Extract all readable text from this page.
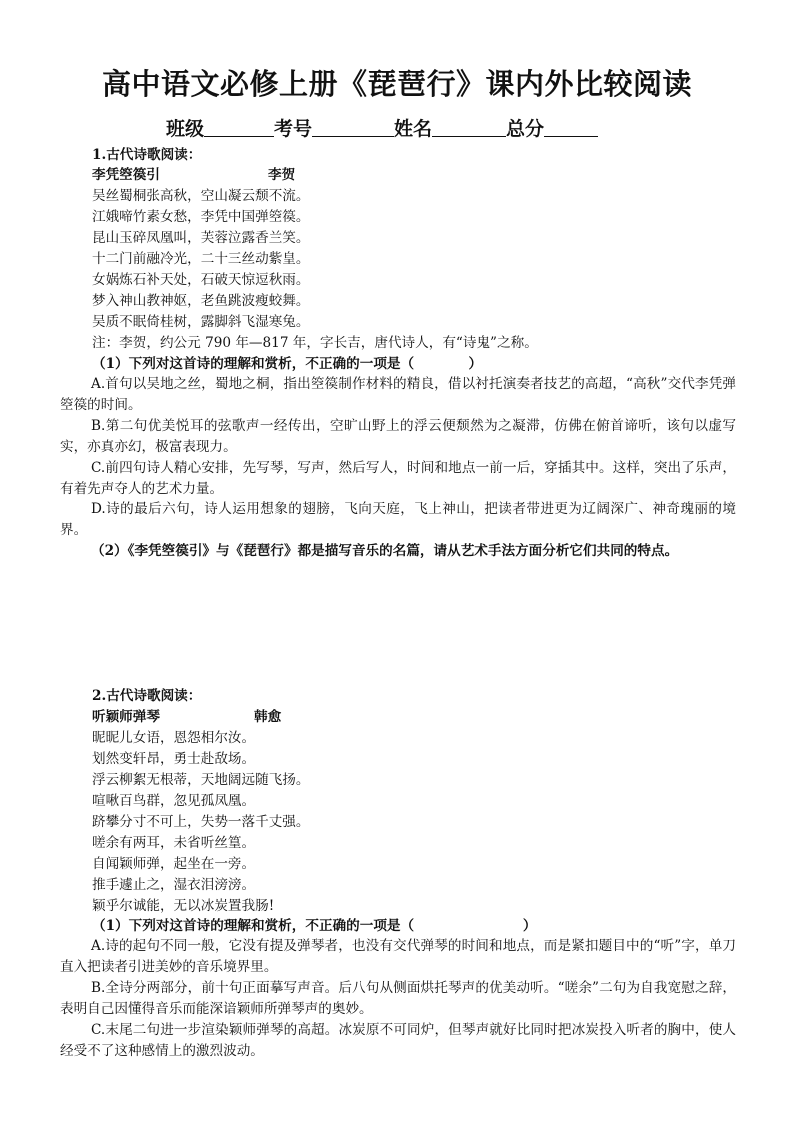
高中语文必修上册《琵琶行》课内外比较阅读
班级	考号	姓名	总分
1.古代诗歌阅读：
李凭箜篌引	李贺
吴丝蜀桐张高秋，空山凝云颓不流。
江娥啼竹素女愁，李凭中国弹箜篌。
昆山玉碎凤凰叫，芙蓉泣露香兰笑。
十二门前融冷光，二十三丝动紫皇。
女娲炼石补天处，石破天惊逗秋雨。
梦入神山教神妪，老鱼跳波瘦蛟舞。
吴质不眠倚桂树，露脚斜飞湿寒兔。
注：李贺，约公元 790 年—817 年，字长吉，唐代诗人，有“诗鬼”之称。
（1）下列对这首诗的理解和赏析，不正确的一项是（　　　　）
A.首句以吴地之丝，蜀地之桐，指出箜篌制作材料的精良，借以衬托演奏者技艺的高超，“高秋”交代李凭弹箜篌的时间。
B.第二句优美悦耳的弦歌声一经传出，空旷山野上的浮云便颓然为之凝滞，仿佛在俯首谛听，该句以虚写实，亦真亦幻，极富表现力。
C.前四句诗人精心安排，先写琴，写声，然后写人，时间和地点一前一后，穿插其中。这样，突出了乐声，有着先声夺人的艺术力量。
D.诗的最后六句，诗人运用想象的翅膀，飞向天庭，飞上神山，把读者带进更为辽阔深广、神奇瑰丽的境界。
（2）《李凭箜篌引》与《琵琶行》都是描写音乐的名篇，请从艺术手法方面分析它们共同的特点。
2.古代诗歌阅读：
听颖师弹琴	韩愈
昵昵儿女语，恩怨相尔汝。
划然变轩昂，勇士赴敌场。
浮云柳絮无根蒂，天地阔远随飞扬。
喧啾百鸟群，忽见孤凤凰。
跻攀分寸不可上，失势一落千丈强。
嗟余有两耳，未省听丝篁。
自闻颖师弹，起坐在一旁。
推手遽止之，湿衣泪滂滂。
颖乎尔诚能，无以冰炭置我肠!
（1）下列对这首诗的理解和赏析，不正确的一项是（　　　　　　　　）
A.诗的起句不同一般，它没有提及弹琴者，也没有交代弹琴的时间和地点，而是紧扣题目中的“听”字，单刀直入把读者引进美妙的音乐境界里。
B.全诗分两部分，前十句正面摹写声音。后八句从侧面烘托琴声的优美动听。“嗟余”二句为自我宽慰之辞，表明自己因懂得音乐而能深谙颖师所弹琴声的奥妙。
C.末尾二句进一步渲染颖师弹琴的高超。冰炭原不可同炉，但琴声就好比同时把冰炭投入听者的胸中，使人经受不了这种感情上的激烈波动。
